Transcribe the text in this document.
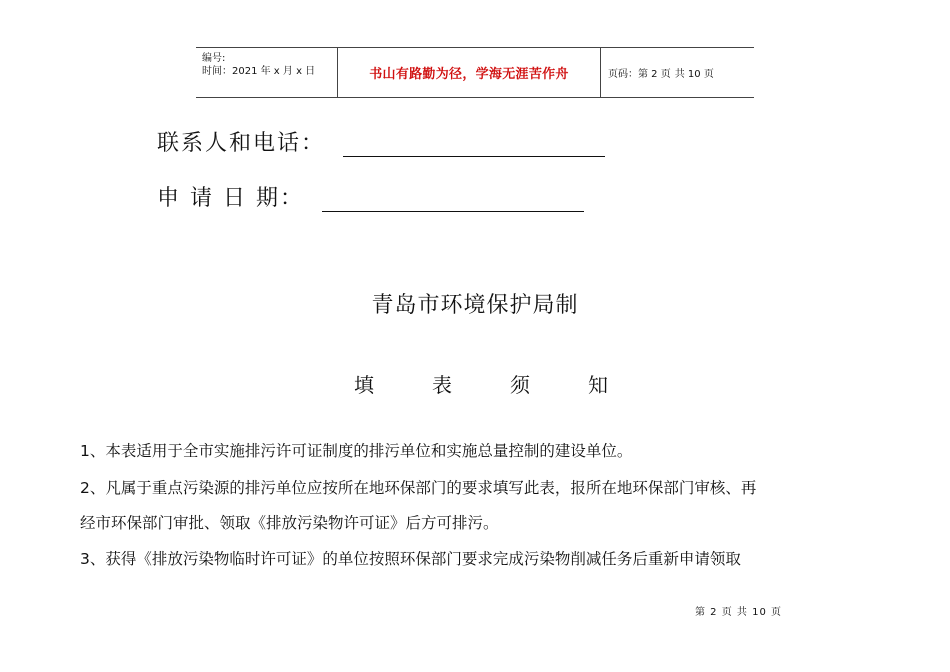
编号:
时间：2021 年 x 月 x 日	书山有路勤为径，学海无涯苦作舟	页码：第 2 页 共 10 页
联系人和电话：
申 请 日 期：
青岛市环境保护局制
填	表	须	知
1、本表适用于全市实施排污许可证制度的排污单位和实施总量控制的建设单位。
2、凡属于重点污染源的排污单位应按所在地环保部门的要求填写此表，报所在地环保部门审核、再
经市环保部门审批、领取《排放污染物许可证》后方可排污。
3、获得《排放污染物临时许可证》的单位按照环保部门要求完成污染物削减任务后重新申请领取
第 2 页 共 10 页
